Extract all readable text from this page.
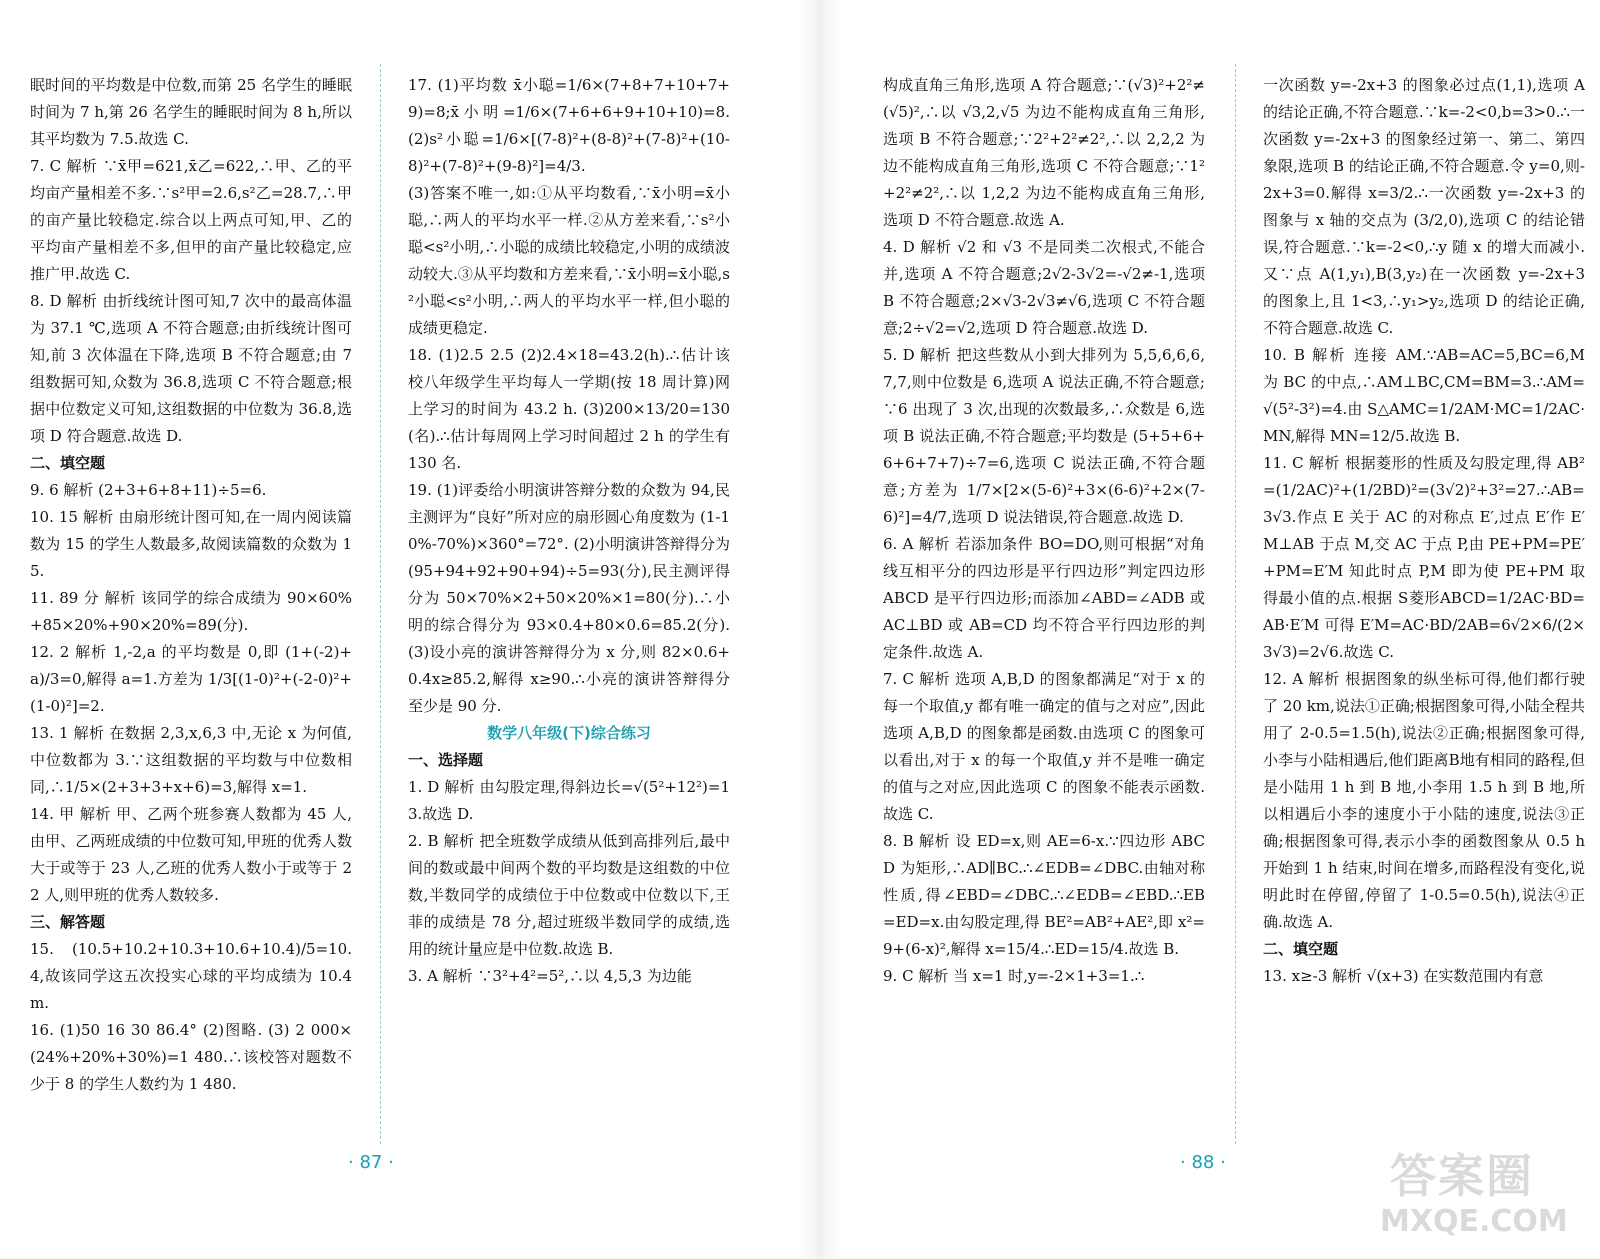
眠时间的平均数是中位数,而第 25 名学生的睡眠时间为 7 h,第 26 名学生的睡眠时间为 8 h,所以其平均数为 7.5.故选 C.

7. C 解析 ∵x̄甲=621,x̄乙=622,∴甲、乙的平均亩产量相差不多.∵s²甲=2.6,s²乙=28.7,∴甲的亩产量比较稳定.综合以上两点可知,甲、乙的平均亩产量相差不多,但甲的亩产量比较稳定,应推广甲.故选 C.

8. D 解析 由折线统计图可知,7 次中的最高体温为 37.1 ℃,选项 A 不符合题意;由折线统计图可知,前 3 次体温在下降,选项 B 不符合题意;由 7 组数据可知,众数为 36.8,选项 C 不符合题意;根据中位数定义可知,这组数据的中位数为 36.8,选项 D 符合题意.故选 D.

二、填空题

9. 6 解析 (2+3+6+8+11)÷5=6.

10. 15 解析 由扇形统计图可知,在一周内阅读篇数为 15 的学生人数最多,故阅读篇数的众数为 15.

11. 89 分 解析 该同学的综合成绩为 90×60%+85×20%+90×20%=89(分).

12. 2 解析 1,-2,a 的平均数是 0,即 (1+(-2)+a)/3=0,解得 a=1.方差为 1/3[(1-0)²+(-2-0)²+(1-0)²]=2.

13. 1 解析 在数据 2,3,x,6,3 中,无论 x 为何值,中位数都为 3.∵这组数据的平均数与中位数相同,∴1/5×(2+3+3+x+6)=3,解得 x=1.

14. 甲 解析 甲、乙两个班参赛人数都为 45 人,由甲、乙两班成绩的中位数可知,甲班的优秀人数大于或等于 23 人,乙班的优秀人数小于或等于 22 人,则甲班的优秀人数较多.

三、解答题

15. (10.5+10.2+10.3+10.6+10.4)/5=10.4,故该同学这五次投实心球的平均成绩为 10.4 m.

16. (1)50 16 30 86.4° (2)图略. (3) 2 000×(24%+20%+30%)=1 480.∴该校答对题数不少于 8 的学生人数约为 1 480.

17. (1)平均数 x̄小聪=1/6×(7+8+7+10+7+9)=8;x̄小明=1/6×(7+6+6+9+10+10)=8. (2)s²小聪=1/6×[(7-8)²+(8-8)²+(7-8)²+(10-8)²+(7-8)²+(9-8)²]=4/3.

(3)答案不唯一,如:①从平均数看,∵x̄小明=x̄小聪,∴两人的平均水平一样.②从方差来看,∵s²小聪<s²小明,∴小聪的成绩比较稳定,小明的成绩波动较大.③从平均数和方差来看,∵x̄小明=x̄小聪,s²小聪<s²小明,∴两人的平均水平一样,但小聪的成绩更稳定.

18. (1)2.5 2.5 (2)2.4×18=43.2(h).∴估计该校八年级学生平均每人一学期(按 18 周计算)网上学习的时间为 43.2 h. (3)200×13/20=130(名).∴估计每周网上学习时间超过 2 h 的学生有 130 名.

19. (1)评委给小明演讲答辩分数的众数为 94,民主测评为“良好”所对应的扇形圆心角度数为 (1-10%-70%)×360°=72°. (2)小明演讲答辩得分为 (95+94+92+90+94)÷5=93(分),民主测评得分为 50×70%×2+50×20%×1=80(分).∴小明的综合得分为 93×0.4+80×0.6=85.2(分). (3)设小亮的演讲答辩得分为 x 分,则 82×0.6+0.4x≥85.2,解得 x≥90.∴小亮的演讲答辩得分至少是 90 分.

数学八年级(下)综合练习

一、选择题

1. D 解析 由勾股定理,得斜边长=√(5²+12²)=13.故选 D.

2. B 解析 把全班数学成绩从低到高排列后,最中间的数或最中间两个数的平均数是这组数的中位数,半数同学的成绩位于中位数或中位数以下,王菲的成绩是 78 分,超过班级半数同学的成绩,选用的统计量应是中位数.故选 B.

3. A 解析 ∵3²+4²=5²,∴以 4,5,3 为边能

构成直角三角形,选项 A 符合题意;∵(√3)²+2²≠(√5)²,∴以 √3,2,√5 为边不能构成直角三角形,选项 B 不符合题意;∵2²+2²≠2²,∴以 2,2,2 为边不能构成直角三角形,选项 C 不符合题意;∵1²+2²≠2²,∴以 1,2,2 为边不能构成直角三角形,选项 D 不符合题意.故选 A.

4. D 解析 √2 和 √3 不是同类二次根式,不能合并,选项 A 不符合题意;2√2-3√2=-√2≠-1,选项 B 不符合题意;2×√3-2√3≠√6,选项 C 不符合题意;2÷√2=√2,选项 D 符合题意.故选 D.

5. D 解析 把这些数从小到大排列为 5,5,6,6,6,7,7,则中位数是 6,选项 A 说法正确,不符合题意;∵6 出现了 3 次,出现的次数最多,∴众数是 6,选项 B 说法正确,不符合题意;平均数是 (5+5+6+6+6+7+7)÷7=6,选项 C 说法正确,不符合题意;方差为 1/7×[2×(5-6)²+3×(6-6)²+2×(7-6)²]=4/7,选项 D 说法错误,符合题意.故选 D.

6. A 解析 若添加条件 BO=DO,则可根据“对角线互相平分的四边形是平行四边形”判定四边形 ABCD 是平行四边形;而添加∠ABD=∠ADB 或 AC⊥BD 或 AB=CD 均不符合平行四边形的判定条件.故选 A.

7. C 解析 选项 A,B,D 的图象都满足“对于 x 的每一个取值,y 都有唯一确定的值与之对应”,因此选项 A,B,D 的图象都是函数.由选项 C 的图象可以看出,对于 x 的每一个取值,y 并不是唯一确定的值与之对应,因此选项 C 的图象不能表示函数.故选 C.

8. B 解析 设 ED=x,则 AE=6-x.∵四边形 ABCD 为矩形,∴AD∥BC.∴∠EDB=∠DBC.由轴对称性质,得∠EBD=∠DBC.∴∠EDB=∠EBD.∴EB=ED=x.由勾股定理,得 BE²=AB²+AE²,即 x²=9+(6-x)²,解得 x=15/4.∴ED=15/4.故选 B.

9. C 解析 当 x=1 时,y=-2×1+3=1.∴

一次函数 y=-2x+3 的图象必过点(1,1),选项 A 的结论正确,不符合题意.∵k=-2<0,b=3>0.∴一次函数 y=-2x+3 的图象经过第一、第二、第四象限,选项 B 的结论正确,不符合题意.令 y=0,则-2x+3=0.解得 x=3/2.∴一次函数 y=-2x+3 的图象与 x 轴的交点为 (3/2,0),选项 C 的结论错误,符合题意.∵k=-2<0,∴y 随 x 的增大而减小.又∵点 A(1,y₁),B(3,y₂)在一次函数 y=-2x+3 的图象上,且 1<3,∴y₁>y₂,选项 D 的结论正确,不符合题意.故选 C.

10. B 解析 连接 AM.∵AB=AC=5,BC=6,M 为 BC 的中点,∴AM⊥BC,CM=BM=3.∴AM=√(5²-3²)=4.由 S△AMC=1/2AM·MC=1/2AC·MN,解得 MN=12/5.故选 B.

11. C 解析 根据菱形的性质及勾股定理,得 AB²=(1/2AC)²+(1/2BD)²=(3√2)²+3²=27.∴AB=3√3.作点 E 关于 AC 的对称点 E′,过点 E′作 E′M⊥AB 于点 M,交 AC 于点 P,由 PE+PM=PE′+PM=E′M 知此时点 P,M 即为使 PE+PM 取得最小值的点.根据 S菱形ABCD=1/2AC·BD=AB·E′M 可得 E′M=AC·BD/2AB=6√2×6/(2×3√3)=2√6.故选 C.

12. A 解析 根据图象的纵坐标可得,他们都行驶了 20 km,说法①正确;根据图象可得,小陆全程共用了 2-0.5=1.5(h),说法②正确;根据图象可得,小李与小陆相遇后,他们距离B地有相同的路程,但是小陆用 1 h 到 B 地,小李用 1.5 h 到 B 地,所以相遇后小李的速度小于小陆的速度,说法③正确;根据图象可得,表示小李的函数图象从 0.5 h 开始到 1 h 结束,时间在增多,而路程没有变化,说明此时在停留,停留了 1-0.5=0.5(h),说法④正确.故选 A.

二、填空题

13. x≥-3 解析 √(x+3) 在实数范围内有意

· 87 ·	· 88 ·	答案圈
MXQE.COM
